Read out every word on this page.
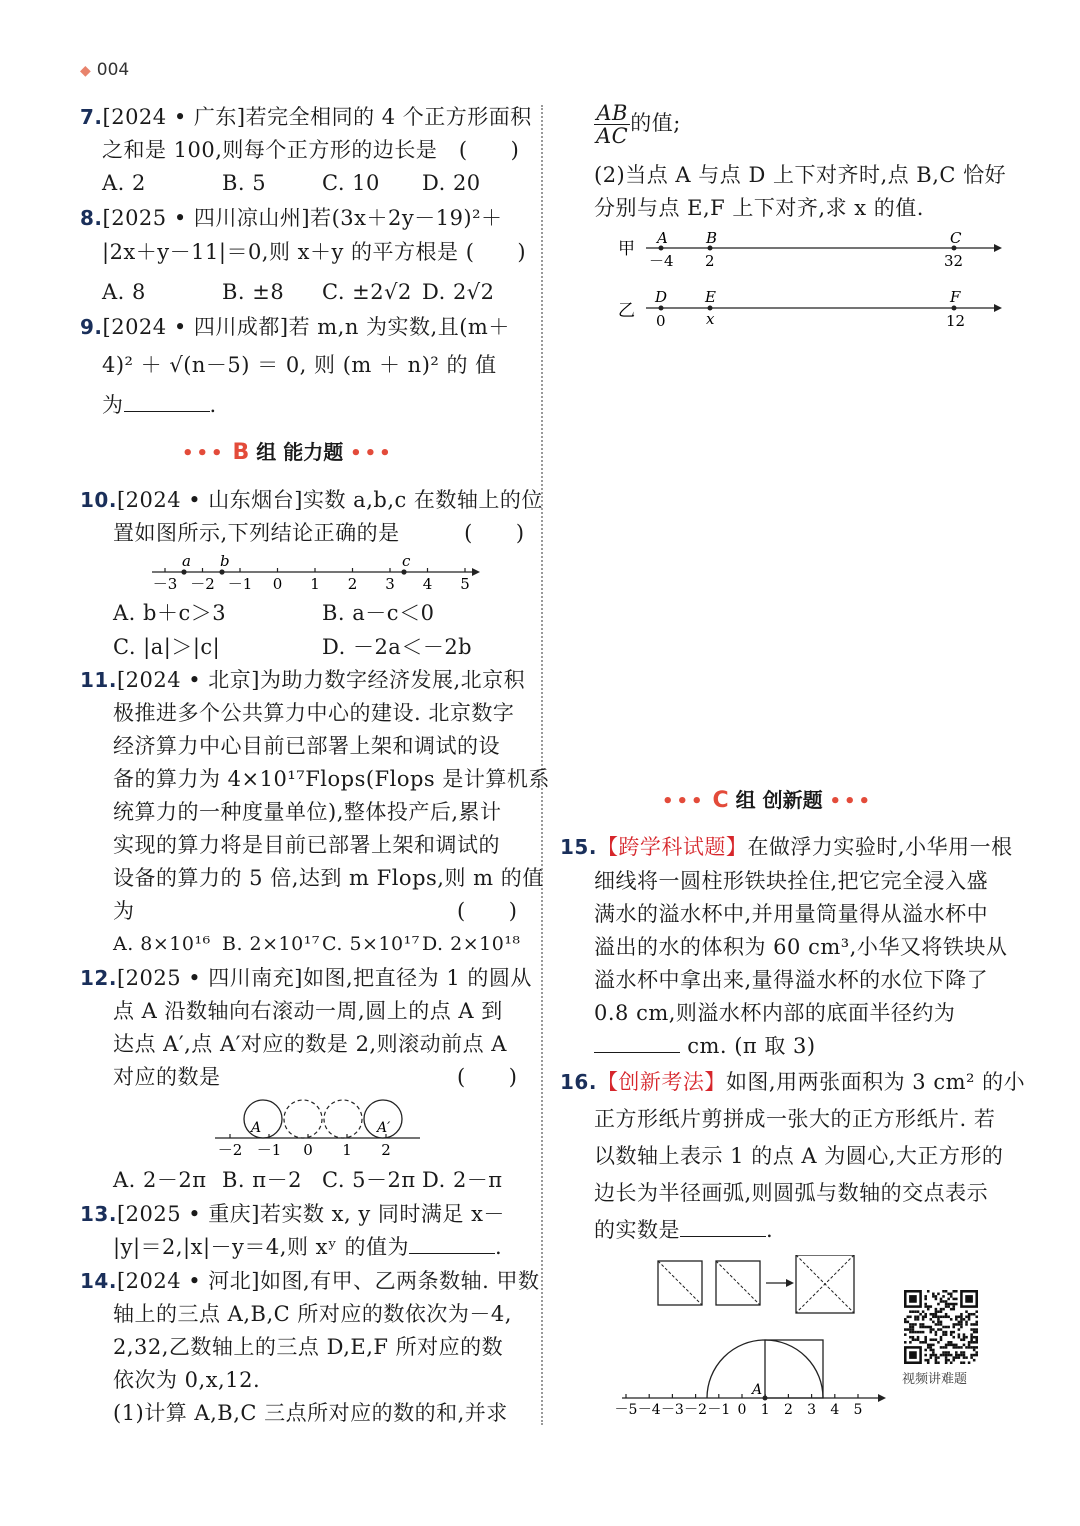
◆ 004
7.[2024 • 广东]若完全相同的 4 个正方形面积
之和是 100,则每个正方形的边长是　(　　)
A. 2	B. 5	C. 10 D. 20
8.[2025 • 四川凉山州]若(3x＋2y－19)²＋
|2x＋y－11|＝0,则 x＋y 的平方根是 (　　)
A. 8	B. ±8 C. ±2√2 D. 2√2
9.[2024 • 四川成都]若 m,n 为实数,且(m＋
4)² ＋ √(n－5) ＝ 0, 则 (m ＋ n)² 的 值
为	.
••• B 组 能力题 •••
10.[2024 • 山东烟台]实数 a,b,c 在数轴上的位
置如图所示,下列结论正确的是　　　(　　)
－3 －2 －1 0 1 2 3 4 5
a b	c
A. b＋c＞3	B. a－c＜0
C. |a|＞|c|	D. －2a＜－2b
11.[2024 • 北京]为助力数字经济发展,北京积
极推进多个公共算力中心的建设. 北京数字
经济算力中心目前已部署上架和调试的设
备的算力为 4×10¹⁷Flops(Flops 是计算机系
统算力的一种度量单位),整体投产后,累计
实现的算力将是目前已部署上架和调试的
设备的算力的 5 倍,达到 m Flops,则 m 的值
为　　　　　　　　　　　　　　　(　　)
A. 8×10¹⁶ B. 2×10¹⁷ C. 5×10¹⁷ D. 2×10¹⁸
12.[2025 • 四川南充]如图,把直径为 1 的圆从
点 A 沿数轴向右滚动一周,圆上的点 A 到
达点 A′,点 A′对应的数是 2,则滚动前点 A
对应的数是　　　　　　　　　　　(　　)
－2 －1 0 1 2
A	A′
A. 2－2π B. π－2 C. 5－2π D. 2－π
13.[2025 • 重庆]若实数 x, y 同时满足 x－
|y|＝2,|x|－y＝4,则 xʸ 的值为	.
14.[2024 • 河北]如图,有甲、乙两条数轴. 甲数
轴上的三点 A,B,C 所对应的数依次为－4,
2,32,乙数轴上的三点 D,E,F 所对应的数
依次为 0,x,12.
(1)计算 A,B,C 三点所对应的数的和,并求
$\frac{AB}{AC}$ 的值;
(2)当点 A 与点 D 上下对齐时,点 B,C 恰好
分别与点 E,F 上下对齐,求 x 的值.
甲
A	B	C
－4 2	32
乙
D	E	F
0	x	12
••• C 组 创新题 •••
15.【跨学科试题】在做浮力实验时,小华用一根
细线将一圆柱形铁块拴住,把它完全浸入盛
满水的溢水杯中,并用量筒量得从溢水杯中
溢出的水的体积为 60 cm³,小华又将铁块从
溢水杯中拿出来,量得溢水杯的水位下降了
0.8 cm,则溢水杯内部的底面半径约为
cm. (π 取 3)
16.【创新考法】如图,用两张面积为 3 cm² 的小
正方形纸片剪拼成一张大的正方形纸片. 若
以数轴上表示 1 的点 A 为圆心,大正方形的
边长为半径画弧,则圆弧与数轴的交点表示
的实数是	.
－5 －4 －3 －2 －1 0 1 2 3 4 5
A
视频讲难题
